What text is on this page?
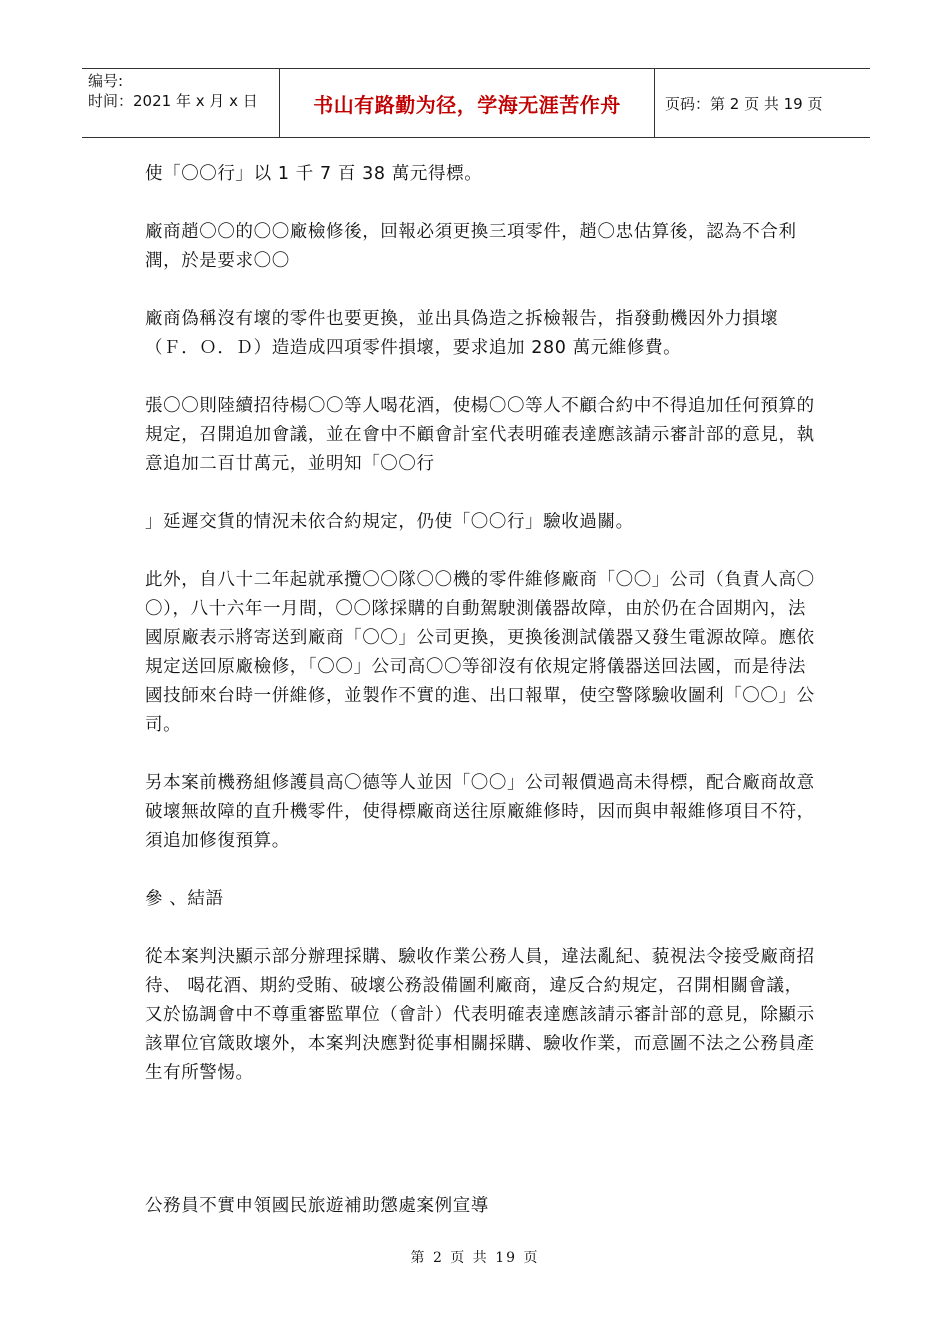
编号:
时间：2021 年 x 月 x 日	书山有路勤为径，学海无涯苦作舟	页码：第 2 页 共 19 页

使「〇〇行」以 1 千 7 百 38 萬元得標。

廠商趙〇〇的〇〇廠檢修後，回報必須更換三項零件，趙〇忠估算後，認為不合利潤，於是要求〇〇

廠商偽稱沒有壞的零件也要更換，並出具偽造之拆檢報告，指發動機因外力損壞（Ｆ．Ｏ．Ｄ）造造成四項零件損壞，要求追加 280 萬元維修費。

張〇〇則陸續招待楊〇〇等人喝花酒，使楊〇〇等人不顧合約中不得追加任何預算的規定，召開追加會議，並在會中不顧會計室代表明確表達應該請示審計部的意見，執意追加二百廿萬元，並明知「〇〇行

」延遲交貨的情況未依合約規定，仍使「〇〇行」驗收過關。

此外，自八十二年起就承攬〇〇隊〇〇機的零件維修廠商「〇〇」公司（負責人高〇〇），八十六年一月間，〇〇隊採購的自動駕駛測儀器故障，由於仍在合固期內，法國原廠表示將寄送到廠商「〇〇」公司更換，更換後測試儀器又發生電源故障。應依規定送回原廠檢修，「〇〇」公司高〇〇等卻沒有依規定將儀器送回法國，而是待法國技師來台時一併維修，並製作不實的進、出口報單，使空警隊驗收圖利「〇〇」公司。

另本案前機務組修護員高〇德等人並因「〇〇」公司報價過高未得標，配合廠商故意破壞無故障的直升機零件，使得標廠商送往原廠維修時，因而與申報維修項目不符，須追加修復預算。

參 、結語

從本案判決顯示部分辦理採購、驗收作業公務人員，違法亂紀、藐視法令接受廠商招待、 喝花酒、期約受賄、破壞公務設備圖利廠商，違反合約規定，召開相關會議，又於協調會中不尊重審監單位（會計）代表明確表達應該請示審計部的意見，除顯示該單位官箴敗壞外，本案判決應對從事相關採購、驗收作業，而意圖不法之公務員產生有所警惕。

公務員不實申領國民旅遊補助懲處案例宣導

第 2 页 共 19 页
